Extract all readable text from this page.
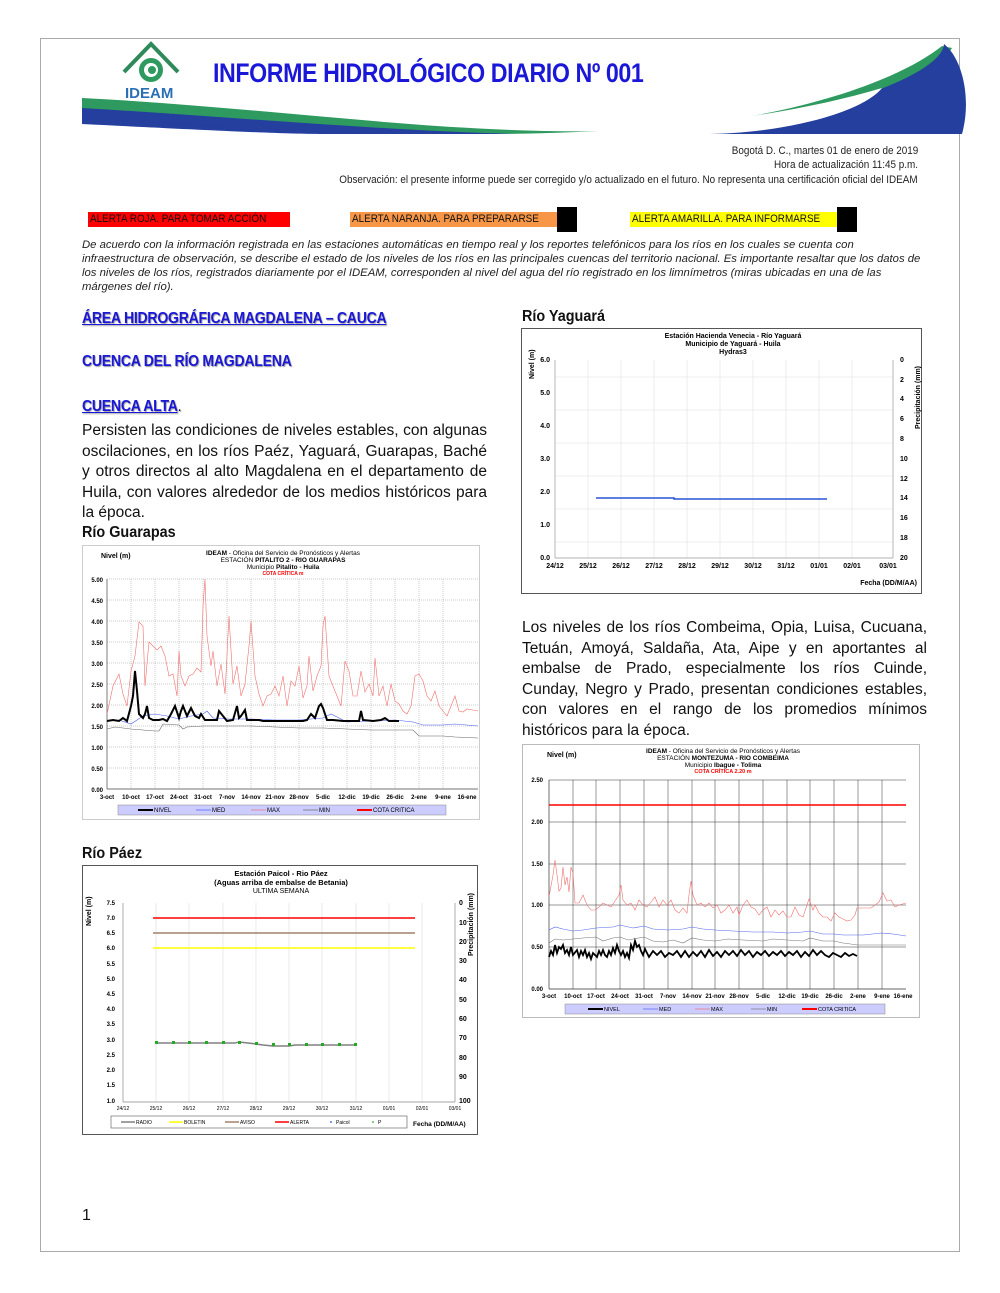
IDEAM
INFORME HIDROLÓGICO DIARIO Nº 001
Bogotá D. C., martes 01 de enero de 2019
Hora de actualización 11:45 p.m.
Observación: el presente informe puede ser corregido y/o actualizado en el futuro. No representa una certificación oficial del IDEAM
ALERTA ROJA. PARA TOMAR ACCIÓN	ALERTA NARANJA. PARA PREPARARSE	ALERTA AMARILLA. PARA INFORMARSE
De acuerdo con la información registrada en las estaciones automáticas en tiempo real y los reportes telefónicos para los ríos en los cuales se cuenta con infraestructura de observación, se describe el estado de los niveles de los ríos en las principales cuencas del territorio nacional. Es importante resaltar que los datos de los niveles de los ríos, registrados diariamente por el IDEAM, corresponden al nivel del agua del río registrado en los limnímetros (miras ubicadas en una de las márgenes del río).
ÁREA HIDROGRÁFICA MAGDALENA – CAUCA
CUENCA DEL RÍO MAGDALENA
CUENCA ALTA.
Persisten las condiciones de niveles estables, con algunas oscilaciones, en los ríos Paéz, Yaguará, Guarapas, Baché y otros directos al alto Magdalena en el departamento de Huila, con valores alrededor de los medios históricos para la época.
Río Guarapas
Nivel (m)	IDEAM - Oficina del Servicio de Pronósticos y Alertas
ESTACIÓN PITALITO 2 - RIO GUARAPAS
Municipio Pitalito - Huila
COTA CRÍTICA m
5.00
4.50
4.00
3.50
3.00
2.50
2.00
1.50
1.00
0.50
0.00
3-oct 10-oct 17-oct 24-oct 31-oct 7-nov 14-nov 21-nov 28-nov 5-dic 12-dic 19-dic 26-dic 2-ene 9-ene 16-ene
NIVEL	MED	MAX	MIN	COTA CRITICA
Río Páez
Estación Paicol - Rio Páez
(Aguas arriba de embalse de Betania)
ULTIMA SEMANA
Nivel (m)	Precipitación (mm)
7.5
7.0
6.5
6.0
5.5
5.0
4.5
4.0
3.5
3.0
2.5
2.0
1.5
1.0
0
10
20
30
40
50
60
70
80
90
100
24/12	25/12	26/12	27/12	28/12	29/12	30/12	31/12	01/01	02/01	03/01
RADIO	BOLETIN	AVISO	ALERTA	Paicol	P	Fecha (DD/M/AA)
1
Río Yaguará
Estación Hacienda Venecia - Río Yaguará
Municipio de Yaguará - Huila
Hydras3
Nivel (m)
Precipitación (mm)
6.0
5.0
4.0
3.0
2.0
1.0
0.0
0
2
4
6
8
10
12
14
16
18
20
24/12 25/12 26/12 27/12 28/12 29/12 30/12 31/12 01/01 02/01	03/01
Fecha (DD/M/AA)
Los niveles de los ríos Combeima, Opia, Luisa, Cucuana, Tetuán, Amoyá, Saldaña, Ata, Aipe y en aportantes al embalse de Prado, especialmente los ríos Cuinde, Cunday, Negro y Prado, presentan condiciones estables, con valores en el rango de los promedios mínimos históricos para la época.
Nivel (m)
IDEAM - Oficina del Servicio de Pronósticos y Alertas
ESTACIÓN MONTEZUMA - RIO COMBEIMA
Municipio Ibague - Tolima
COTA CRÍTICA 2.20 m
2.50
2.00
1.50
1.00
0.50
0.00
3-oct 10-oct 17-oct 24-oct 31-oct 7-nov 14-nov 21-nov 28-nov 5-dic 12-dic 19-dic 26-dic 2-ene 9-ene 16-ene
NIVEL	MED	MAX	MIN	COTA CRITICA
